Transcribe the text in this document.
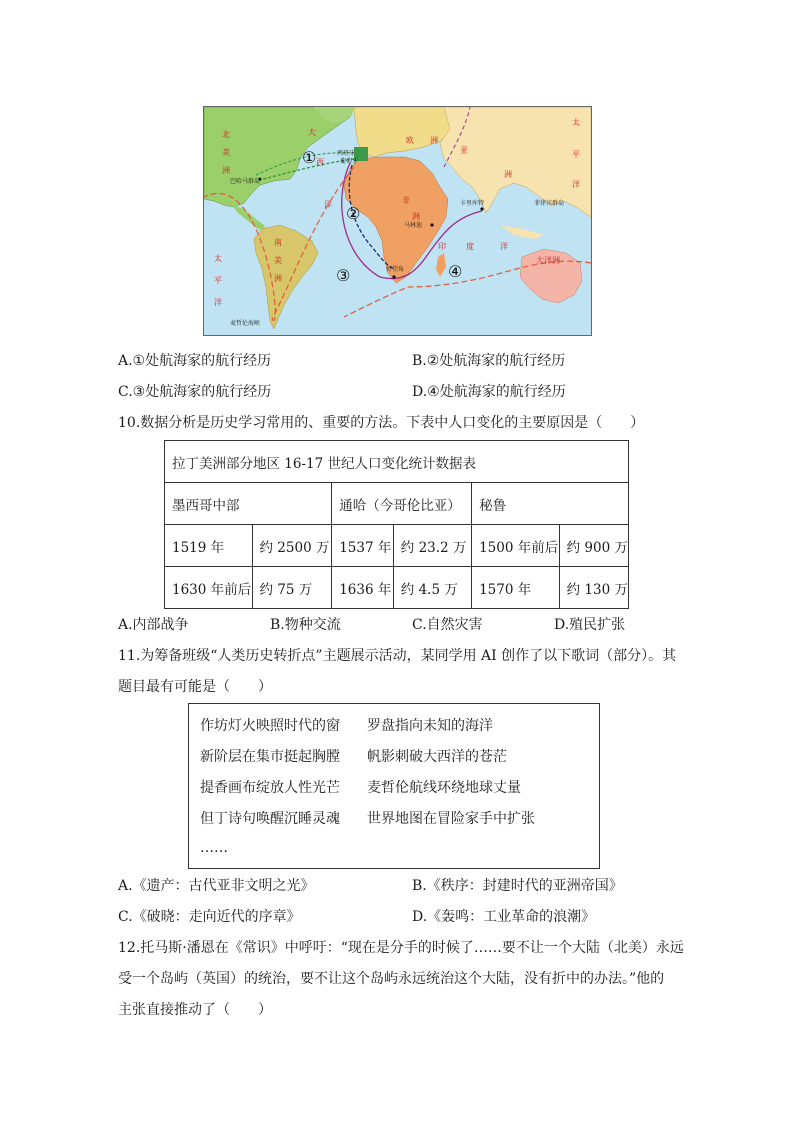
北
美
洲
南
美
洲
大
西
洋
欧 洲
亚
洲
非
洲
印	度	洋
大洋洲
太
平
洋
太
平
洋
西班牙
葡萄牙
巴哈马群岛
卡里库特	菲律宾群岛
马林迪
好望角
麦哲伦海峡
①
②
③	④
A.①处航海家的航行经历	B.②处航海家的航行经历
C.③处航海家的航行经历	D.④处航海家的航行经历
10.数据分析是历史学习常用的、重要的方法。下表中人口变化的主要原因是（　　）
拉丁美洲部分地区 16-17 世纪人口变化统计数据表					
墨西哥中部		通哈（今哥伦比亚）		秘鲁	
1519 年	约 2500 万	1537 年	约 23.2 万	1500 年前后	约 900 万
1630 年前后	约 75 万	1636 年	约 4.5 万	1570 年	约 130 万
A.内部战争	B.物种交流	C.自然灾害	D.殖民扩张
11.为筹备班级“人类历史转折点”主题展示活动，某同学用 AI 创作了以下歌词（部分）。其
题目最有可能是（　　）
作坊灯火映照时代的窗 罗盘指向未知的海洋
新阶层在集市挺起胸膛 帆影刺破大西洋的苍茫
提香画布绽放人性光芒 麦哲伦航线环绕地球丈量
但丁诗句唤醒沉睡灵魂 世界地图在冒险家手中扩张
……
A.《遗产：古代亚非文明之光》	B.《秩序：封建时代的亚洲帝国》
C.《破晓：走向近代的序章》	D.《轰鸣：工业革命的浪潮》
12.托马斯·潘恩在《常识》中呼吁：“现在是分手的时候了……要不让一个大陆（北美）永远
受一个岛屿（英国）的统治，要不让这个岛屿永远统治这个大陆，没有折中的办法。”他的
主张直接推动了（　　）
